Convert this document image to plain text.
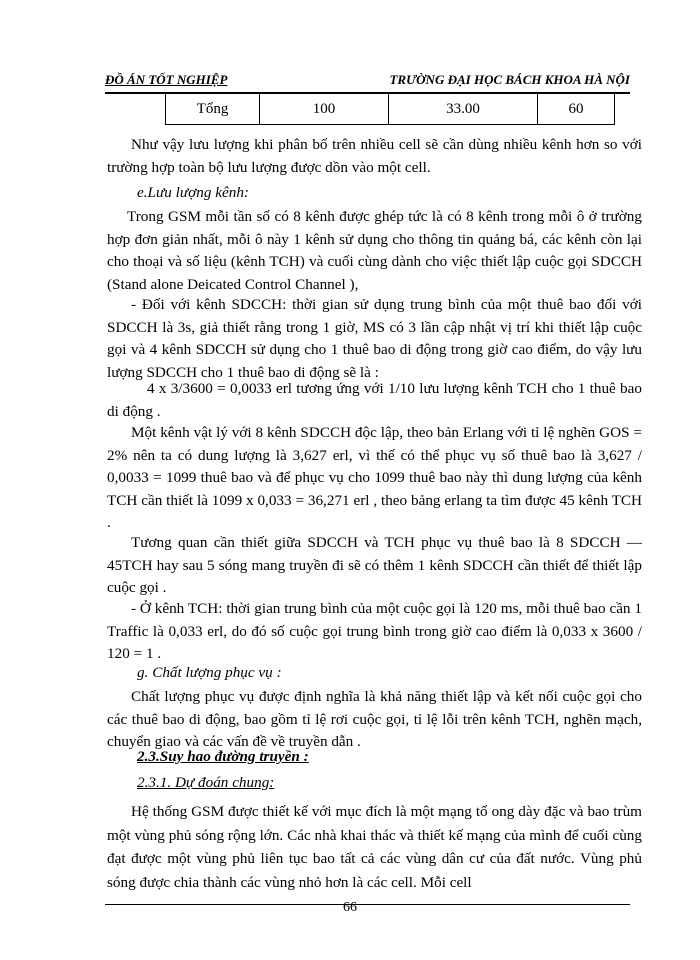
ĐỒ ÁN TỐT NGHIỆP	TRƯỜNG ĐẠI HỌC BÁCH KHOA HÀ NỘI
Tổng	100	33.00	60

Như vậy lưu lượng khi phân bố trên nhiều cell sẽ cần dùng nhiều kênh hơn so với trường hợp toàn bộ lưu lượng được dồn vào một cell.

e.Lưu lượng kênh:

Trong GSM mỗi tần số có 8 kênh được ghép tức là có 8 kênh trong mỗi ô ở trường hợp đơn giản nhất, mỗi ô này 1 kênh sử dụng cho thông tin quảng bá, các kênh còn lại cho thoại và số liệu (kênh TCH) và cuối cùng dành cho việc thiết lập cuộc gọi SDCCH (Stand alone Deicated Control Channel ),

- Đối với kênh SDCCH: thời gian sử dụng trung bình của một thuê bao đối với SDCCH là 3s, giả thiết rằng trong 1 giờ, MS có 3 lần cập nhật vị trí khi thiết lập cuộc gọi và 4 kênh SDCCH sử dụng cho 1 thuê bao di động trong giờ cao điểm, do vậy lưu lượng SDCCH cho 1 thuê bao di động sẽ là :

4 x 3/3600 = 0,0033 erl tương ứng với 1/10 lưu lượng kênh TCH cho 1 thuê bao di động .

Một kênh vật lý với 8 kênh SDCCH độc lập, theo bản Erlang với tỉ lệ nghẽn GOS = 2% nên ta có dung lượng là 3,627 erl, vì thế có thể phục vụ số thuê bao là 3,627 / 0,0033 = 1099 thuê bao và để phục vụ cho 1099 thuê bao này thì dung lượng của kênh TCH cần thiết là 1099 x 0,033 = 36,271 erl , theo bảng erlang ta tìm được 45 kênh TCH .

Tương quan cần thiết giữa SDCCH và TCH phục vụ thuê bao là 8 SDCCH — 45TCH hay sau 5 sóng mang truyền đi sẽ có thêm 1 kênh SDCCH cần thiết để thiết lập cuộc gọi .

- Ở kênh TCH: thời gian trung bình của một cuộc gọi là 120 ms, mỗi thuê bao cần 1 Traffic là 0,033 erl, do đó số cuộc gọi trung bình trong giờ cao điểm là 0,033 x 3600 / 120 = 1 .

g. Chất lượng phục vụ :

Chất lượng phục vụ được định nghĩa là khả năng thiết lập và kết nối cuộc gọi cho các thuê bao di động, bao gồm tỉ lệ rơi cuộc gọi, tỉ lệ lỗi trên kênh TCH, nghẽn mạch, chuyển giao và các vấn đề về truyền dẫn .

2.3.Suy hao đường truyền :

2.3.1. Dự đoán chung:

Hệ thống GSM được thiết kế với mục đích là một mạng tổ ong dày đặc và bao trùm một vùng phủ sóng rộng lớn. Các nhà khai thác và thiết kế mạng của mình để cuối cùng đạt được một vùng phủ liên tục bao tất cả các vùng dân cư của đất nước. Vùng phủ sóng được chia thành các vùng nhỏ hơn là các cell. Mỗi cell

66
